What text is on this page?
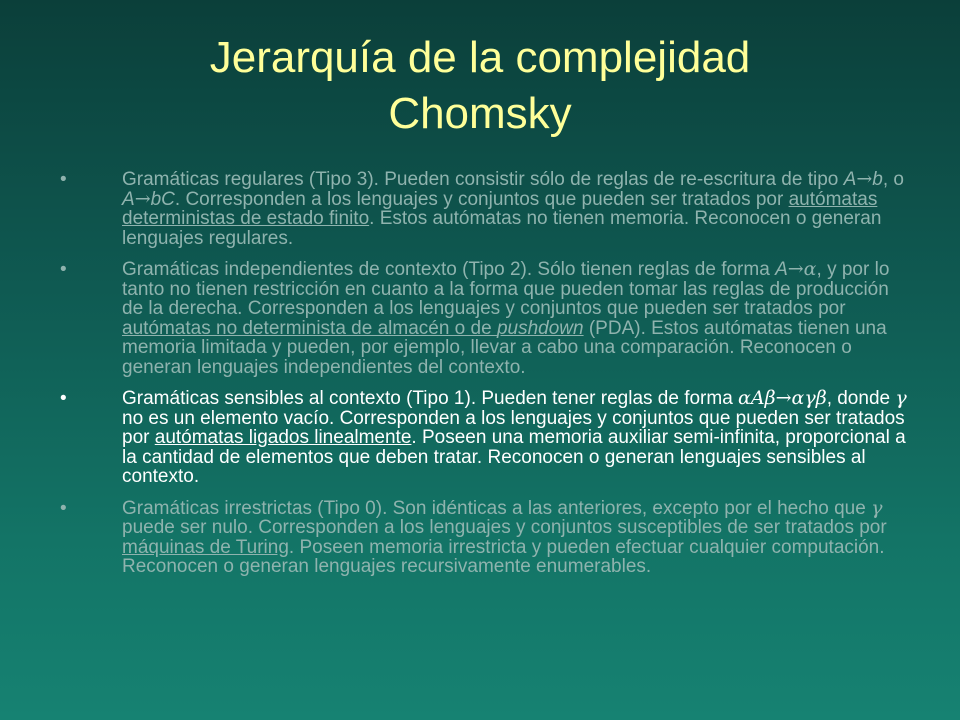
Jerarquía de la complejidad
Chomsky
•	Gramáticas regulares (Tipo 3). Pueden consistir sólo de reglas de re-escritura de tipo A→b, o A→bC. Corresponden a los lenguajes y conjuntos que pueden ser tratados por autómatas deterministas de estado finito. Estos autómatas no tienen memoria. Reconocen o generan lenguajes regulares.
•	Gramáticas independientes de contexto (Tipo 2). Sólo tienen reglas de forma A→α, y por lo tanto no tienen restricción en cuanto a la forma que pueden tomar las reglas de producción de la derecha. Corresponden a los lenguajes y conjuntos que pueden ser tratados por autómatas no determinista de almacén o de pushdown (PDA). Estos autómatas tienen una memoria limitada y pueden, por ejemplo, llevar a cabo una comparación. Reconocen o generan lenguajes independientes del contexto.
•	Gramáticas sensibles al contexto (Tipo 1). Pueden tener reglas de forma αAβ→αγβ, donde γ no es un elemento vacío. Corresponden a los lenguajes y conjuntos que pueden ser tratados por autómatas ligados linealmente. Poseen una memoria auxiliar semi-infinita, proporcional a la cantidad de elementos que deben tratar. Reconocen o generan lenguajes sensibles al contexto.
•	Gramáticas irrestrictas (Tipo 0). Son idénticas a las anteriores, excepto por el hecho que γ puede ser nulo. Corresponden a los lenguajes y conjuntos susceptibles de ser tratados por máquinas de Turing. Poseen memoria irrestricta y pueden efectuar cualquier computación. Reconocen o generan lenguajes recursivamente enumerables.
